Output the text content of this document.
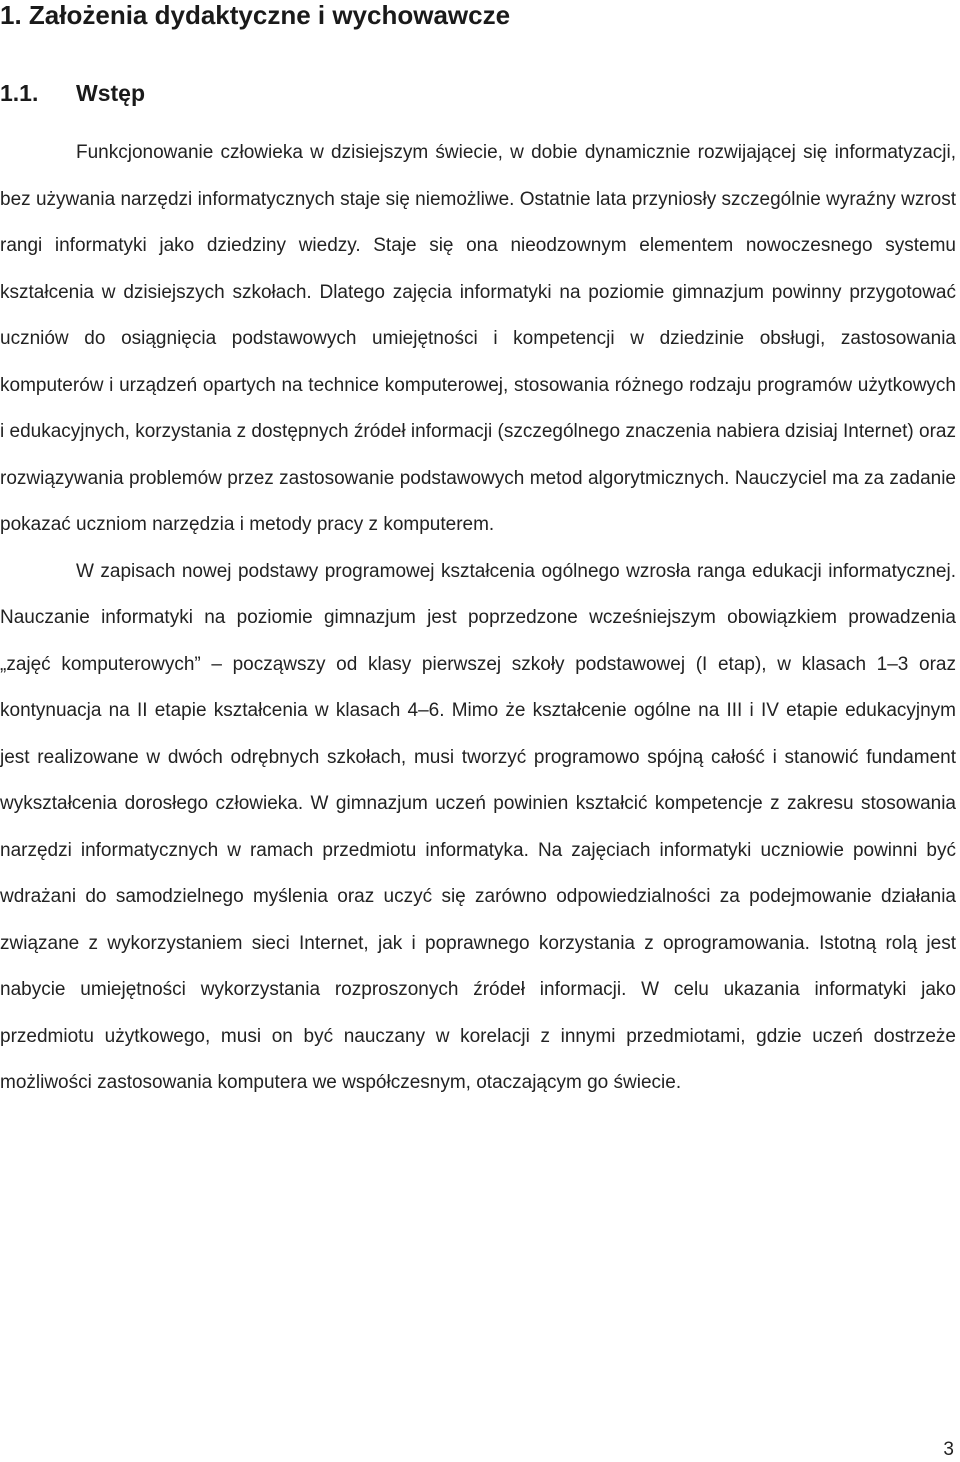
1. Założenia dydaktyczne i wychowawcze
1.1. Wstęp

Funkcjonowanie człowieka w dzisiejszym świecie, w dobie dynamicznie rozwijającej się informatyzacji, bez używania narzędzi informatycznych staje się niemożliwe. Ostatnie lata przyniosły szczególnie wyraźny wzrost rangi informatyki jako dziedziny wiedzy. Staje się ona nieodzownym elementem nowoczesnego systemu kształcenia w dzisiejszych szkołach. Dlatego zajęcia informatyki na poziomie gimnazjum powinny przygotować uczniów do osiągnięcia podstawowych umiejętności i kompetencji w dziedzinie obsługi, zastosowania komputerów i urządzeń opartych na technice komputerowej, stosowania różnego rodzaju programów użytkowych i edukacyjnych, korzystania z dostępnych źródeł informacji (szczególnego znaczenia nabiera dzisiaj Internet) oraz rozwiązywania problemów przez zastosowanie podstawowych metod algorytmicznych. Nauczyciel ma za zadanie pokazać uczniom narzędzia i metody pracy z komputerem.

W zapisach nowej podstawy programowej kształcenia ogólnego wzrosła ranga edukacji informatycznej. Nauczanie informatyki na poziomie gimnazjum jest poprzedzone wcześniejszym obowiązkiem prowadzenia „zajęć komputerowych” – począwszy od klasy pierwszej szkoły podstawowej (I etap), w klasach 1–3 oraz kontynuacja na II etapie kształcenia w klasach 4–6. Mimo że kształcenie ogólne na III i IV etapie edukacyjnym jest realizowane w dwóch odrębnych szkołach, musi tworzyć programowo spójną całość i stanowić fundament wykształcenia dorosłego człowieka. W gimnazjum uczeń powinien kształcić kompetencje z zakresu stosowania narzędzi informatycznych w ramach przedmiotu informatyka. Na zajęciach informatyki uczniowie powinni być wdrażani do samodzielnego myślenia oraz uczyć się zarówno odpowiedzialności za podejmowanie działania związane z wykorzystaniem sieci Internet, jak i poprawnego korzystania z oprogramowania. Istotną rolą jest nabycie umiejętności wykorzystania rozproszonych źródeł informacji. W celu ukazania informatyki jako przedmiotu użytkowego, musi on być nauczany w korelacji z innymi przedmiotami, gdzie uczeń dostrzeże możliwości zastosowania komputera we współczesnym, otaczającym go świecie.

3
